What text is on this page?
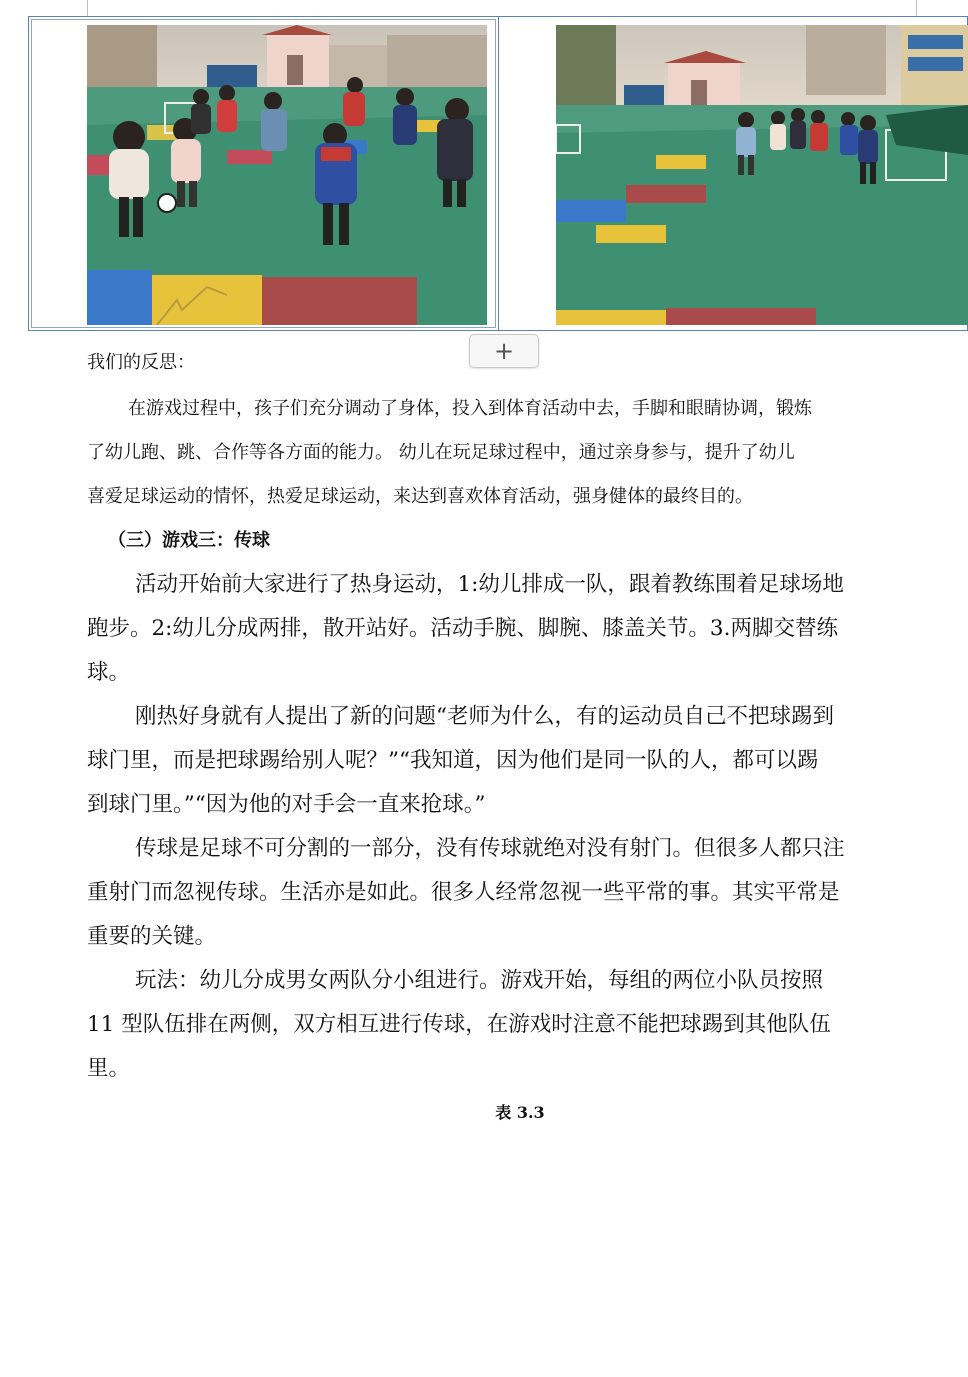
+
我们的反思：
在游戏过程中，孩子们充分调动了身体，投入到体育活动中去，手脚和眼睛协调，锻炼
了幼儿跑、跳、合作等各方面的能力。 幼儿在玩足球过程中，通过亲身参与，提升了幼儿
喜爱足球运动的情怀，热爱足球运动，来达到喜欢体育活动，强身健体的最终目的。
（三）游戏三：传球
活动开始前大家进行了热身运动，1:幼儿排成一队，跟着教练围着足球场地
跑步。2:幼儿分成两排，散开站好。活动手腕、脚腕、膝盖关节。3.两脚交替练
球。
刚热好身就有人提出了新的问题“老师为什么，有的运动员自己不把球踢到
球门里，而是把球踢给别人呢？”“我知道，因为他们是同一队的人，都可以踢
到球门里。”“因为他的对手会一直来抢球。”
传球是足球不可分割的一部分，没有传球就绝对没有射门。但很多人都只注
重射门而忽视传球。生活亦是如此。很多人经常忽视一些平常的事。其实平常是
重要的关键。
玩法：幼儿分成男女两队分小组进行。游戏开始，每组的两位小队员按照
11 型队伍排在两侧，双方相互进行传球，在游戏时注意不能把球踢到其他队伍
里。
表 3.3
